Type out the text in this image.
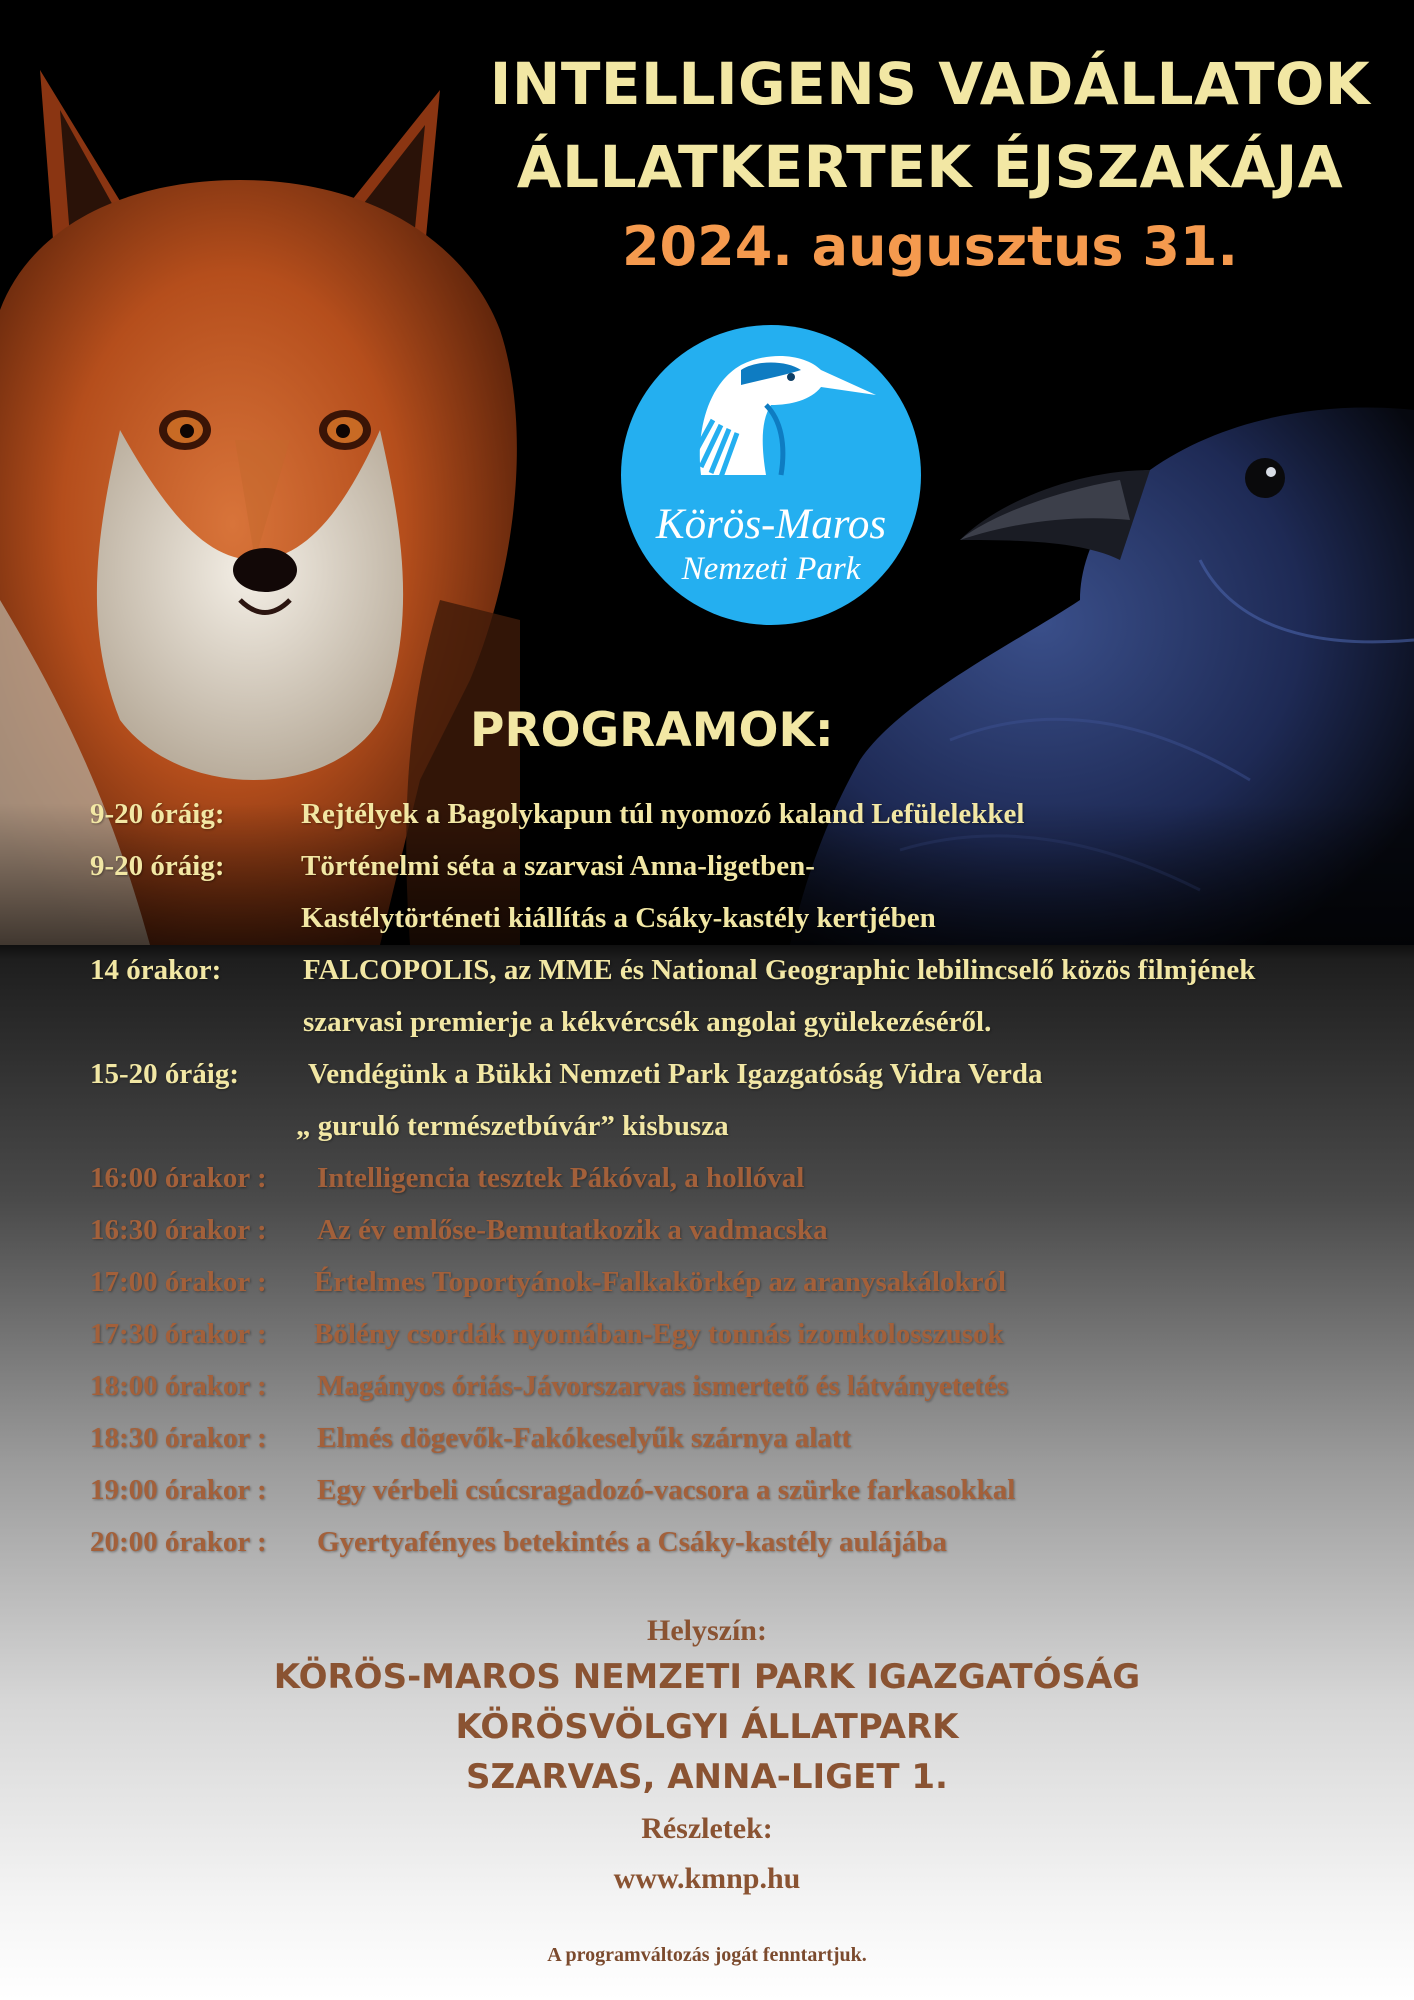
INTELLIGENS VADÁLLATOK
ÁLLATKERTEK ÉJSZAKÁJA
2024. augusztus 31.
Körös-Maros
Nemzeti Park
PROGRAMOK:
9-20 óráig:	Rejtélyek a Bagolykapun túl nyomozó kaland Lefülelekkel
9-20 óráig:	Történelmi séta a szarvasi Anna-ligetben-
Kastélytörténeti kiállítás a Csáky-kastély kertjében
14 órakor:	FALCOPOLIS, az MME és National Geographic lebilincselő közös filmjének
szarvasi premierje a kékvércsék angolai gyülekezéséről.
15-20 óráig: Vendégünk a Bükki Nemzeti Park Igazgatóság Vidra Verda
„ guruló természetbúvár” kisbusza
16:00 órakor : Intelligencia tesztek Pákóval, a hollóval
16:30 órakor : Az év emlőse-Bemutatkozik a vadmacska
17:00 órakor : Értelmes Toportyánok-Falkakörkép az aranysakálokról
17:30 órakor : Bölény csordák nyomában-Egy tonnás izomkolosszusok
18:00 órakor : Magányos óriás-Jávorszarvas ismertető és látványetetés
18:30 órakor : Elmés dögevők-Fakókeselyűk szárnya alatt
19:00 órakor : Egy vérbeli csúcsragadozó-vacsora a szürke farkasokkal
20:00 órakor : Gyertyafényes betekintés a Csáky-kastély aulájába
Helyszín:
KÖRÖS-MAROS NEMZETI PARK IGAZGATÓSÁG
KÖRÖSVÖLGYI ÁLLATPARK
SZARVAS, ANNA-LIGET 1.
Részletek:
www.kmnp.hu
A programváltozás jogát fenntartjuk.
